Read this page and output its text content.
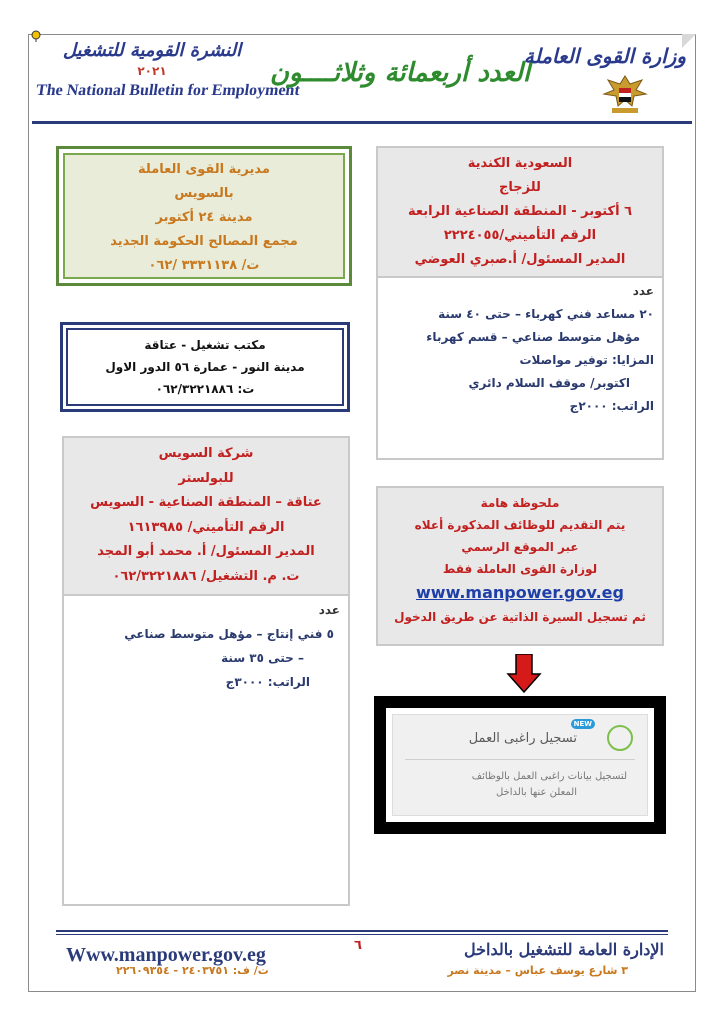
النشرة القومية للتشغيل
٢٠٢١
The National Bulletin for Employment
العدد أربعمائة وثلاثــــون
وزارة القوى العاملة
السعودية الكندية
للزجاج
٦ أكتوبر - المنطقة الصناعية الرابعة
الرقم التأميني/٢٢٢٤٠٥٥
المدير المسئول/ أ.صبري العوضي
عدد
٢٠ مساعد فني كهرباء – حتى ٤٠ سنة
مؤهل متوسط صناعي – قسم كهرباء
المزايا: توفير مواصلات
اكتوبر/ موقف السلام دائري
الراتب: ٢٠٠٠ج
مديرية القوى العاملة
بالسويس
مدينة ٢٤ أكتوبر
مجمع المصالح الحكومة الجديد
ت/ ٣٣٣١١٣٨ /٠٦٢
مكتب تشغيل - عتاقة
مدينة النور - عمارة ٥٦ الدور الاول
ت: ٠٦٢/٣٢٢١٨٨٦
شركة السويس
للبولستر
عتاقة – المنطقة الصناعية - السويس
الرقم التأميني/ ١٦١٣٩٨٥
المدير المسئول/ أ. محمد أبو المجد
ت. م. التشغيل/ ٠٦٢/٣٢٢١٨٨٦
عدد
٥ فني إنتاج – مؤهل متوسط صناعي
– حتى ٣٥ سنة
الراتب: ٣٠٠٠ج
ملحوظة هامة
يتم التقديم للوظائف المذكورة أعلاه
عبر الموقع الرسمي
لوزارة القوى العاملة فقط
www.manpower.gov.eg
ثم تسجيل السيرة الذاتية عن طريق الدخول
NEW
تسجيل راغبى العمل
لتسجيل بيانات راغبى العمل بالوظائف
المعلن عنها بالداخل
Www.manpower.gov.eg	٦	الإدارة العامة للتشغيل بالداخل
٣ شارع يوسف عباس – مدينة نصر
ت/ ف: ٢٤٠٣٧٥١ - ٢٢٦٠٩٣٥٤
